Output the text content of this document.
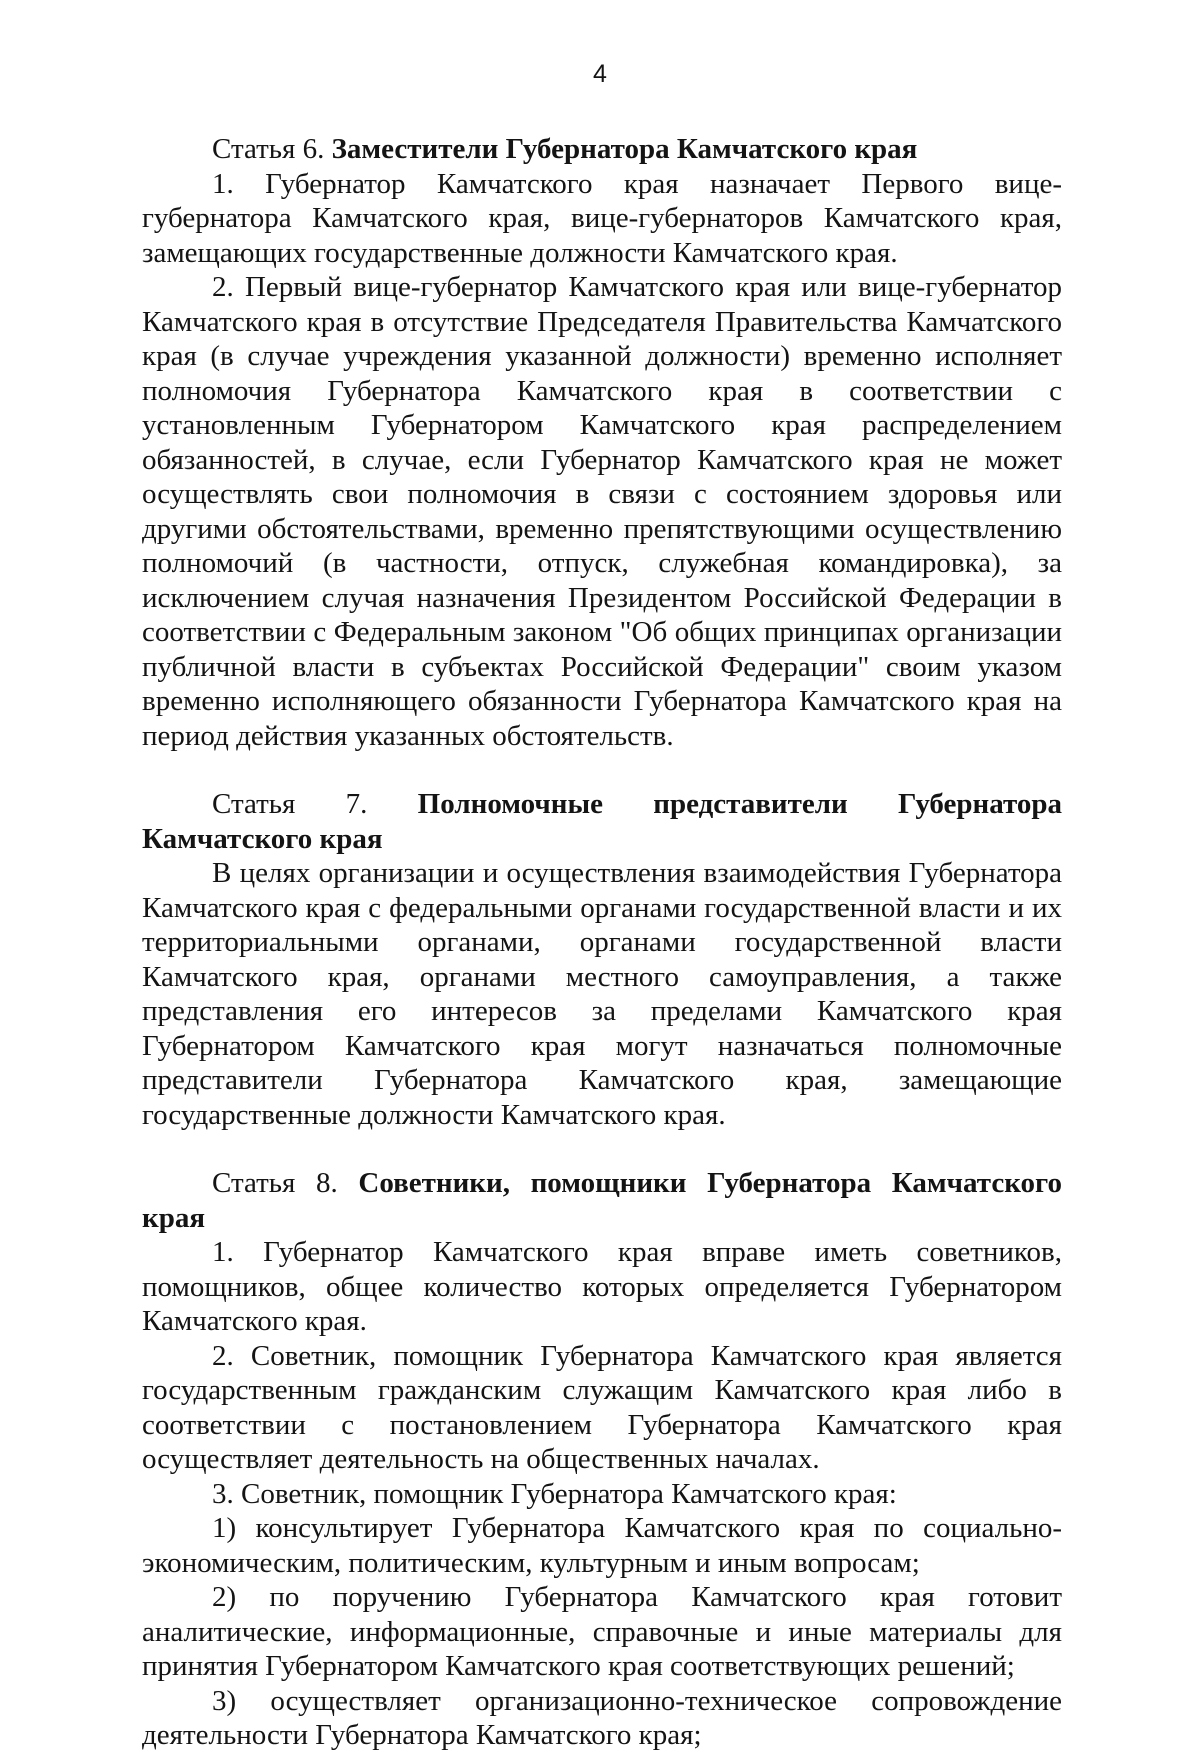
4

Статья 6. Заместители Губернатора Камчатского края

1. Губернатор Камчатского края назначает Первого вице-губернатора Камчатского края, вице-губернаторов Камчатского края, замещающих государственные должности Камчатского края.

2. Первый вице-губернатор Камчатского края или вице-губернатор Камчатского края в отсутствие Председателя Правительства Камчатского края (в случае учреждения указанной должности) временно исполняет полномочия Губернатора Камчатского края в соответствии с установленным Губернатором Камчатского края распределением обязанностей, в случае, если Губернатор Камчатского края не может осуществлять свои полномочия в связи с состоянием здоровья или другими обстоятельствами, временно препятствующими осуществлению полномочий (в частности, отпуск, служебная командировка), за исключением случая назначения Президентом Российской Федерации в соответствии с Федеральным законом "Об общих принципах организации публичной власти в субъектах Российской Федерации" своим указом временно исполняющего обязанности Губернатора Камчатского края на период действия указанных обстоятельств.

Статья 7. Полномочные представители Губернатора Камчатского края

В целях организации и осуществления взаимодействия Губернатора Камчатского края с федеральными органами государственной власти и их территориальными органами, органами государственной власти Камчатского края, органами местного самоуправления, а также представления его интересов за пределами Камчатского края Губернатором Камчатского края могут назначаться полномочные представители Губернатора Камчатского края, замещающие государственные должности Камчатского края.

Статья 8. Советники, помощники Губернатора Камчатского края

1. Губернатор Камчатского края вправе иметь советников, помощников, общее количество которых определяется Губернатором Камчатского края.

2. Советник, помощник Губернатора Камчатского края является государственным гражданским служащим Камчатского края либо в соответствии с постановлением Губернатора Камчатского края осуществляет деятельность на общественных началах.

3. Советник, помощник Губернатора Камчатского края:

1) консультирует Губернатора Камчатского края по социально-экономическим, политическим, культурным и иным вопросам;

2) по поручению Губернатора Камчатского края готовит аналитические, информационные, справочные и иные материалы для принятия Губернатором Камчатского края соответствующих решений;

3) осуществляет организационно-техническое сопровождение деятельности Губернатора Камчатского края;
